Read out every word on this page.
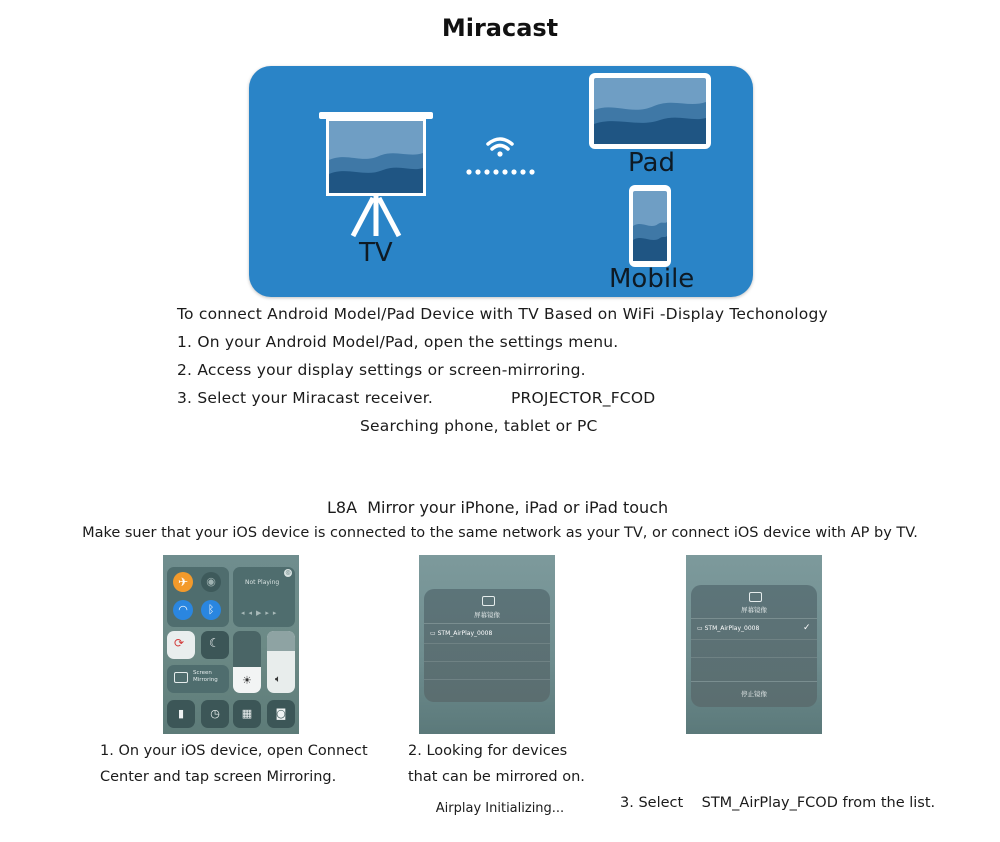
Miracast
TV
Pad
Mobile
To connect Android Model/Pad Device with TV Based on WiFi -Display Techonology
1. On your Android Model/Pad, open the settings menu.
2. Access your display settings or screen-mirroring.
3. Select your Miracast receiver.	PROJECTOR_FCOD
Searching phone, tablet or PC
L8A Mirror your iPhone, iPad or iPad touch
Make suer that your iOS device is connected to the same network as your TV, or connect iOS device with AP by TV.
✈	◉
◠	ᛒ
Not Playing
◎
◂◂▶▸▸
⟳ ☾
Screen
Mirroring ☀ 🔈︎
▮	◷	▦	◙
屏幕镜像
▭ STM_AirPlay_0008
屏幕镜像
▭ STM_AirPlay_0008	✓
停止镜像
1. On your iOS device, open Connect
Center and tap screen Mirroring.
2. Looking for devices
that can be mirrored on.

3. Select    STM_AirPlay_FCOD from the list.

Airplay Initializing...
